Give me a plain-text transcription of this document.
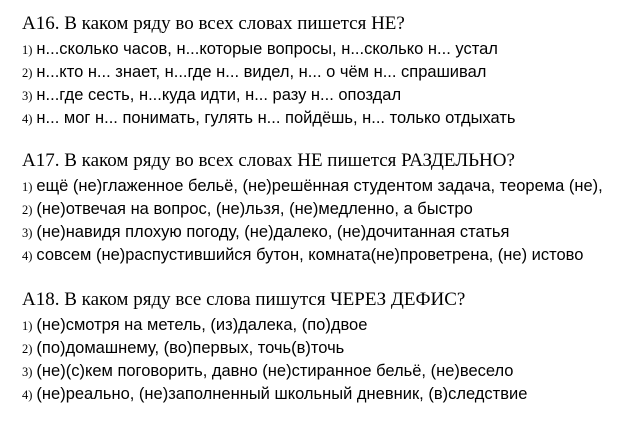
A16. В каком ряду во всех словах пишется НЕ?
1) н...сколько часов, н...которые вопросы, н...сколько н... устал
2) н...кто н... знает, н...где н... видел, н... о чём н... спрашивал
3) н...где сесть, н...куда идти, н... разу н... опоздал
4) н... мог н... понимать, гулять н... пойдёшь, н... только отдыхать
A17. В каком ряду во всех словах НЕ пишется РАЗДЕЛЬНО?
1) ещё (не)глаженное бельё, (не)решённая студентом задача, теорема (не),
2) (не)отвечая на вопрос, (не)льзя, (не)медленно, а быстро
3) (не)навидя плохую погоду, (не)далеко, (не)дочитанная статья
4) совсем (не)распустившийся бутон, комната(не)проветрена, (не) истово
A18. В каком ряду все слова пишутся ЧЕРЕЗ ДЕФИС?
1) (не)смотря на метель, (из)далека, (по)двое
2) (по)домашнему, (во)первых, точь(в)точь
3) (не)(с)кем поговорить, давно (не)стиранное бельё, (не)весело
4) (не)реально, (не)заполненный школьный дневник, (в)следствие
